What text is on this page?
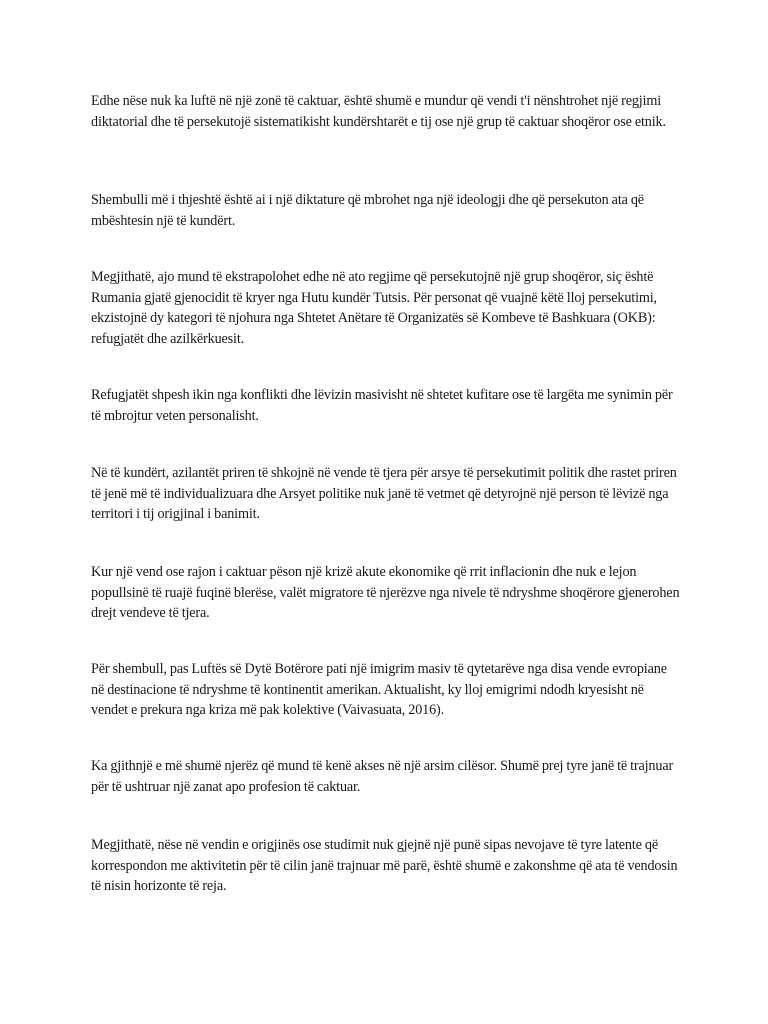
Edhe nëse nuk ka luftë në një zonë të caktuar, është shumë e mundur që vendi t'i nënshtrohet një regjimi diktatorial dhe të persekutojë sistematikisht kundërshtarët e tij ose një grup të caktuar shoqëror ose etnik.

Shembulli më i thjeshtë është ai i një diktature që mbrohet nga një ideologji dhe që persekuton ata që mbështesin një të kundërt.

Megjithatë, ajo mund të ekstrapolohet edhe në ato regjime që persekutojnë një grup shoqëror, siç është Rumania gjatë gjenocidit të kryer nga Hutu kundër Tutsis. Për personat që vuajnë këtë lloj persekutimi, ekzistojnë dy kategori të njohura nga Shtetet Anëtare të Organizatës së Kombeve të Bashkuara (OKB): refugjatët dhe azilkërkuesit.

Refugjatët shpesh ikin nga konflikti dhe lëvizin masivisht në shtetet kufitare ose të largëta me synimin për të mbrojtur veten personalisht.

Në të kundërt, azilantët priren të shkojnë në vende të tjera për arsye të persekutimit politik dhe rastet priren të jenë më të individualizuara dhe Arsyet politike nuk janë të vetmet që detyrojnë një person të lëvizë nga territori i tij origjinal i banimit.

Kur një vend ose rajon i caktuar pëson një krizë akute ekonomike që rrit inflacionin dhe nuk e lejon popullsinë të ruajë fuqinë blerëse, valët migratore të njerëzve nga nivele të ndryshme shoqërore gjenerohen drejt vendeve të tjera.

Për shembull, pas Luftës së Dytë Botërore pati një imigrim masiv të qytetarëve nga disa vende evropiane në destinacione të ndryshme të kontinentit amerikan. Aktualisht, ky lloj emigrimi ndodh kryesisht në vendet e prekura nga kriza më pak kolektive (Vaivasuata, 2016).

Ka gjithnjë e më shumë njerëz që mund të kenë akses në një arsim cilësor. Shumë prej tyre janë të trajnuar për të ushtruar një zanat apo profesion të caktuar.

Megjithatë, nëse në vendin e origjinës ose studimit nuk gjejnë një punë sipas nevojave të tyre latente që korrespondon me aktivitetin për të cilin janë trajnuar më parë, është shumë e zakonshme që ata të vendosin të nisin horizonte të reja.
